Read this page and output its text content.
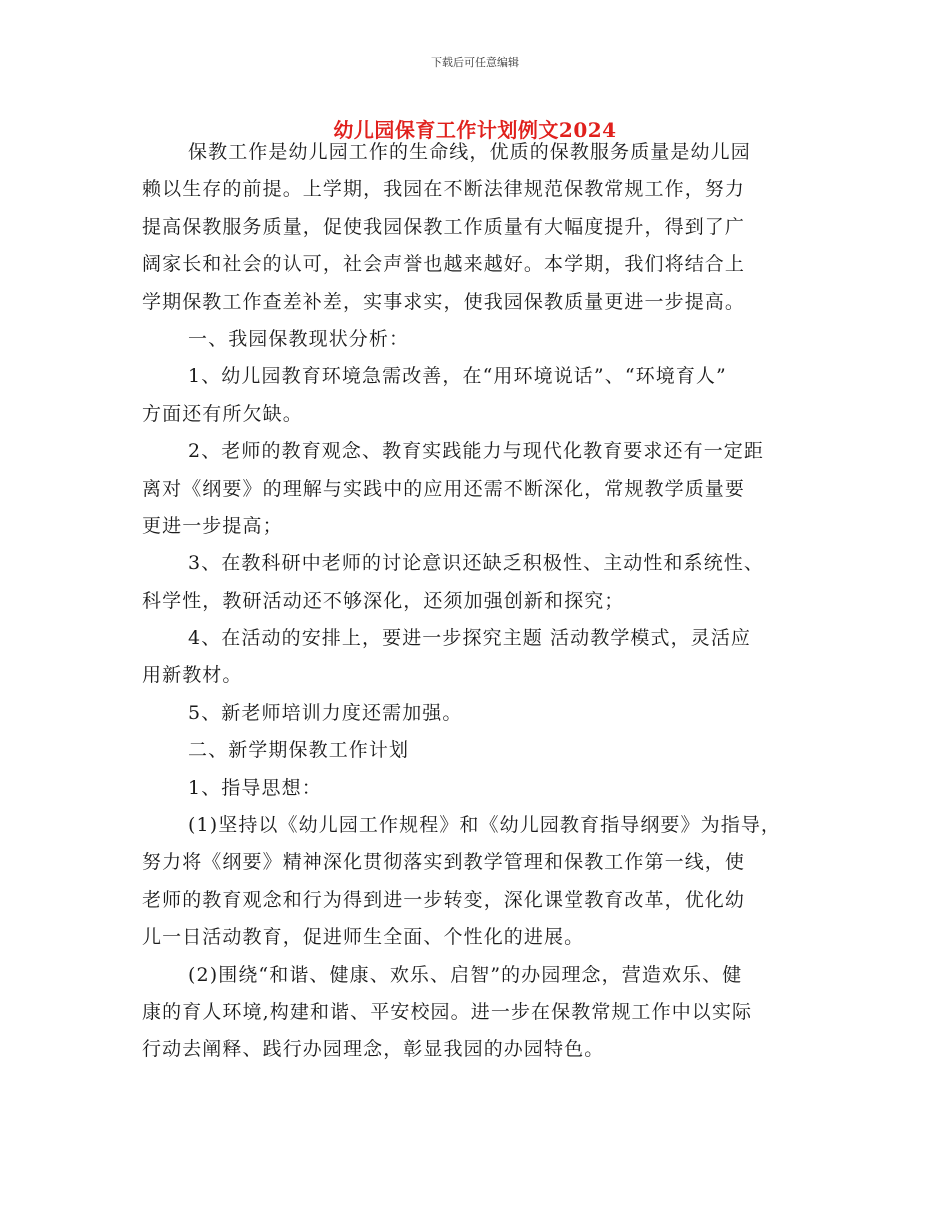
下载后可任意编辑
幼儿园保育工作计划例文2024
保教工作是幼儿园工作的生命线，优质的保教服务质量是幼儿园
赖以生存的前提。上学期，我园在不断法律规范保教常规工作，努力
提高保教服务质量，促使我园保教工作质量有大幅度提升，得到了广
阔家长和社会的认可，社会声誉也越来越好。本学期，我们将结合上
学期保教工作查差补差，实事求实，使我园保教质量更进一步提高。
一、我园保教现状分析：
1、幼儿园教育环境急需改善，在“用环境说话”、“环境育人”
方面还有所欠缺。
2、老师的教育观念、教育实践能力与现代化教育要求还有一定距
离对《纲要》的理解与实践中的应用还需不断深化，常规教学质量要
更进一步提高；
3、在教科研中老师的讨论意识还缺乏积极性、主动性和系统性、
科学性，教研活动还不够深化，还须加强创新和探究；
4、在活动的安排上，要进一步探究主题 活动教学模式，灵活应
用新教材。
5、新老师培训力度还需加强。
二、新学期保教工作计划
1、指导思想：
(1)坚持以《幼儿园工作规程》和《幼儿园教育指导纲要》为指导，
努力将《纲要》精神深化贯彻落实到教学管理和保教工作第一线，使
老师的教育观念和行为得到进一步转变，深化课堂教育改革，优化幼
儿一日活动教育，促进师生全面、个性化的进展。
(2)围绕“和谐、健康、欢乐、启智”的办园理念，营造欢乐、健
康的育人环境,构建和谐、平安校园。进一步在保教常规工作中以实际
行动去阐释、践行办园理念，彰显我园的办园特色。
